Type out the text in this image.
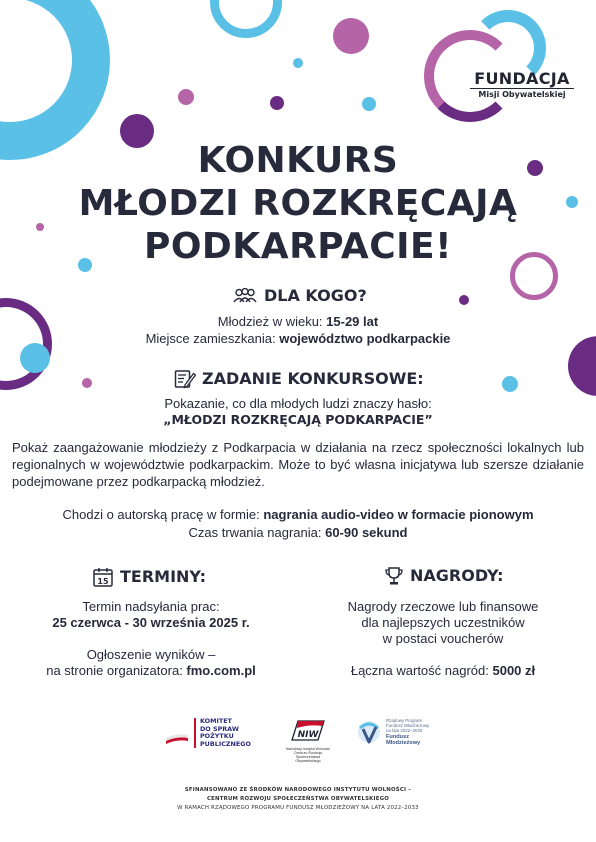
FUNDACJA
Misji Obywatelskiej
KONKURS
MŁODZI ROZKRĘCAJĄ
PODKARPACIE!
DLA KOGO?
Młodzież w wieku: 15-29 lat
Miejsce zamieszkania: województwo podkarpackie
ZADANIE KONKURSOWE:
Pokazanie, co dla młodych ludzi znaczy hasło:
„MŁODZI ROZKRĘCAJĄ PODKARPACIE”
Pokaż zaangażowanie młodzieży z Podkarpacia w działania na rzecz społeczności lokalnych lub regionalnych w województwie podkarpackim. Może to być własna inicjatywa lub szersze działanie podejmowane przez podkarpacką młodzież.
Chodzi o autorską pracę w formie: nagrania audio-video w formacie pionowym
Czas trwania nagrania: 60-90 sekund
15 TERMINY:
Termin nadsyłania prac:
25 czerwca - 30 września 2025 r.
Ogłoszenie wyników –
na stronie organizatora: fmo.com.pl
NAGRODY:
Nagrody rzeczowe lub finansowe
dla najlepszych uczestników
w postaci voucherów
Łączna wartość nagród: 5000 zł
KOMITET
DO SPRAW
POŻYTKU
PUBLICZNEGO
NIW
Narodowy Instytut Wolności
Centrum Rozwoju Społeczeństwa Obywatelskiego
Rządowy Program
Fundusz Młodzieżowy
na lata 2022–2033
Fundusz
Młodzieżowy
SFINANSOWANO ZE ŚRODKÓW NARODOWEGO INSTYTUTU WOLNOŚCI –
CENTRUM ROZWOJU SPOŁECZEŃSTWA OBYWATELSKIEGO
W RAMACH RZĄDOWEGO PROGRAMU FUNDUSZ MŁODZIEŻOWY NA LATA 2022–2033
